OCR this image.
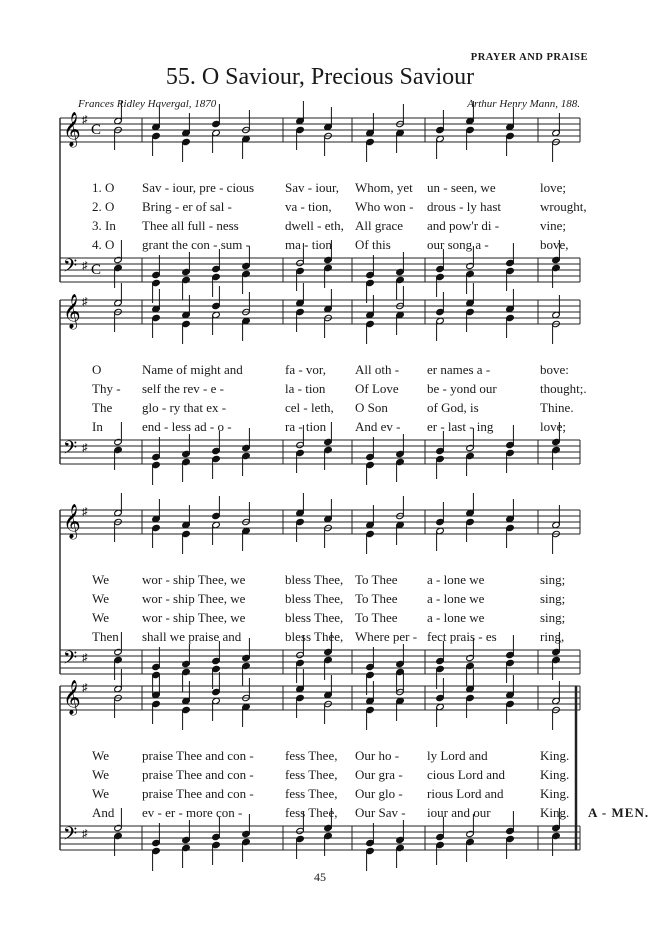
PRAYER AND PRAISE
55. O Saviour, Precious Saviour
Frances Ridley Havergal, 1870	Arthur Henry Mann, 188.
𝄞
𝄢
♯
♯
C
C
𝄞
𝄢
♯
♯
𝄞
𝄢
♯
♯
𝄞
𝄢
♯
♯
1. O Sav - iour, pre - cious Sav - iour, Whom, yet un - seen, we	love;
2. O Bring - er of sal -	va - tion, Who won - drous - ly hast	wrought,
3. In Thee all full - ness	dwell - eth, All grace and pow'r di -	vine;
4. O grant the con - sum -	ma - tion Of this	our song a -	bove,
O	Name of might and	fa - vor, All oth - er names a -	bove:
Thy - self the rev - e -	la - tion Of Love be - yond our	thought;.
The glo - ry that ex -	cel - leth, O Son	of God, is	Thine.
In	end - less ad - o -	ra - tion And ev - er - last - ing	love;
We	wor - ship Thee, we	bless Thee, To Thee a - lone we	sing;
We	wor - ship Thee, we	bless Thee, To Thee a - lone we	sing;
We	wor - ship Thee, we	bless Thee, To Thee a - lone we	sing;
Then shall we praise and	bless Thee, Where per - fect prais - es	ring,
We	praise Thee and con - fess Thee, Our ho - ly Lord and	King.
We	praise Thee and con - fess Thee, Our gra - cious Lord and	King.
We	praise Thee and con - fess Thee, Our glo - rious Lord and	King.
And ev - er - more con -	fess Thee, Our Sav - iour and our	King. A - MEN.
45
